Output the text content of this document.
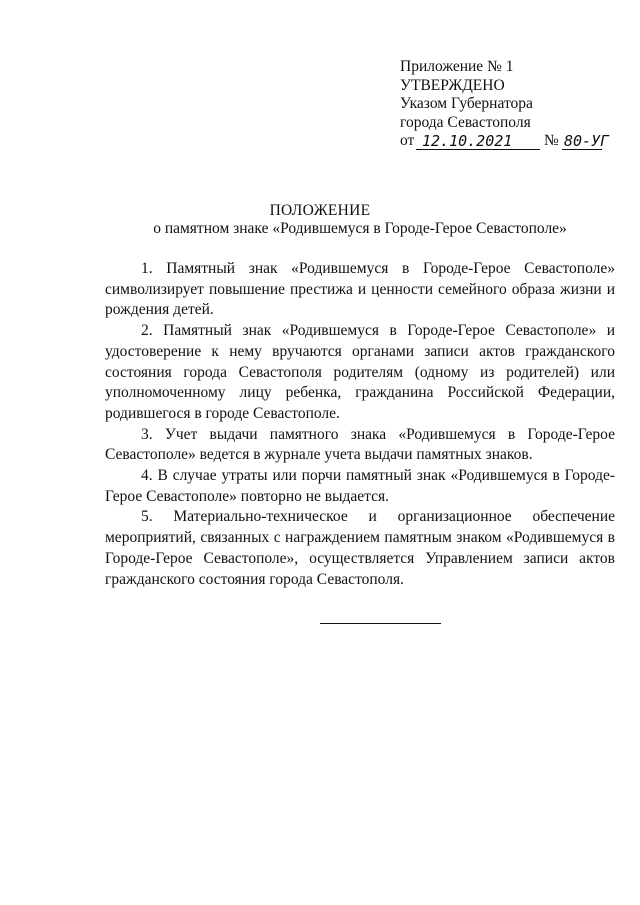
Приложение № 1
УТВЕРЖДЕНО
Указом Губернатора
города Севастополя
от 12.10.2021 № 80-УГ
ПОЛОЖЕНИЕ
о памятном знаке «Родившемуся в Городе-Герое Севастополе»

1. Памятный знак «Родившемуся в Городе-Герое Севастополе» символизирует повышение престижа и ценности семейного образа жизни и рождения детей.

2. Памятный знак «Родившемуся в Городе-Герое Севастополе» и удостоверение к нему вручаются органами записи актов гражданского состояния города Севастополя родителям (одному из родителей) или уполномоченному лицу ребенка, гражданина Российской Федерации, родившегося в городе Севастополе.

3. Учет выдачи памятного знака «Родившемуся в Городе-Герое Севастополе» ведется в журнале учета выдачи памятных знаков.

4. В случае утраты или порчи памятный знак «Родившемуся в Городе-Герое Севастополе» повторно не выдается.

5. Материально-техническое и организационное обеспечение мероприятий, связанных с награждением памятным знаком «Родившемуся в Городе-Герое Севастополе», осуществляется Управлением записи актов гражданского состояния города Севастополя.
